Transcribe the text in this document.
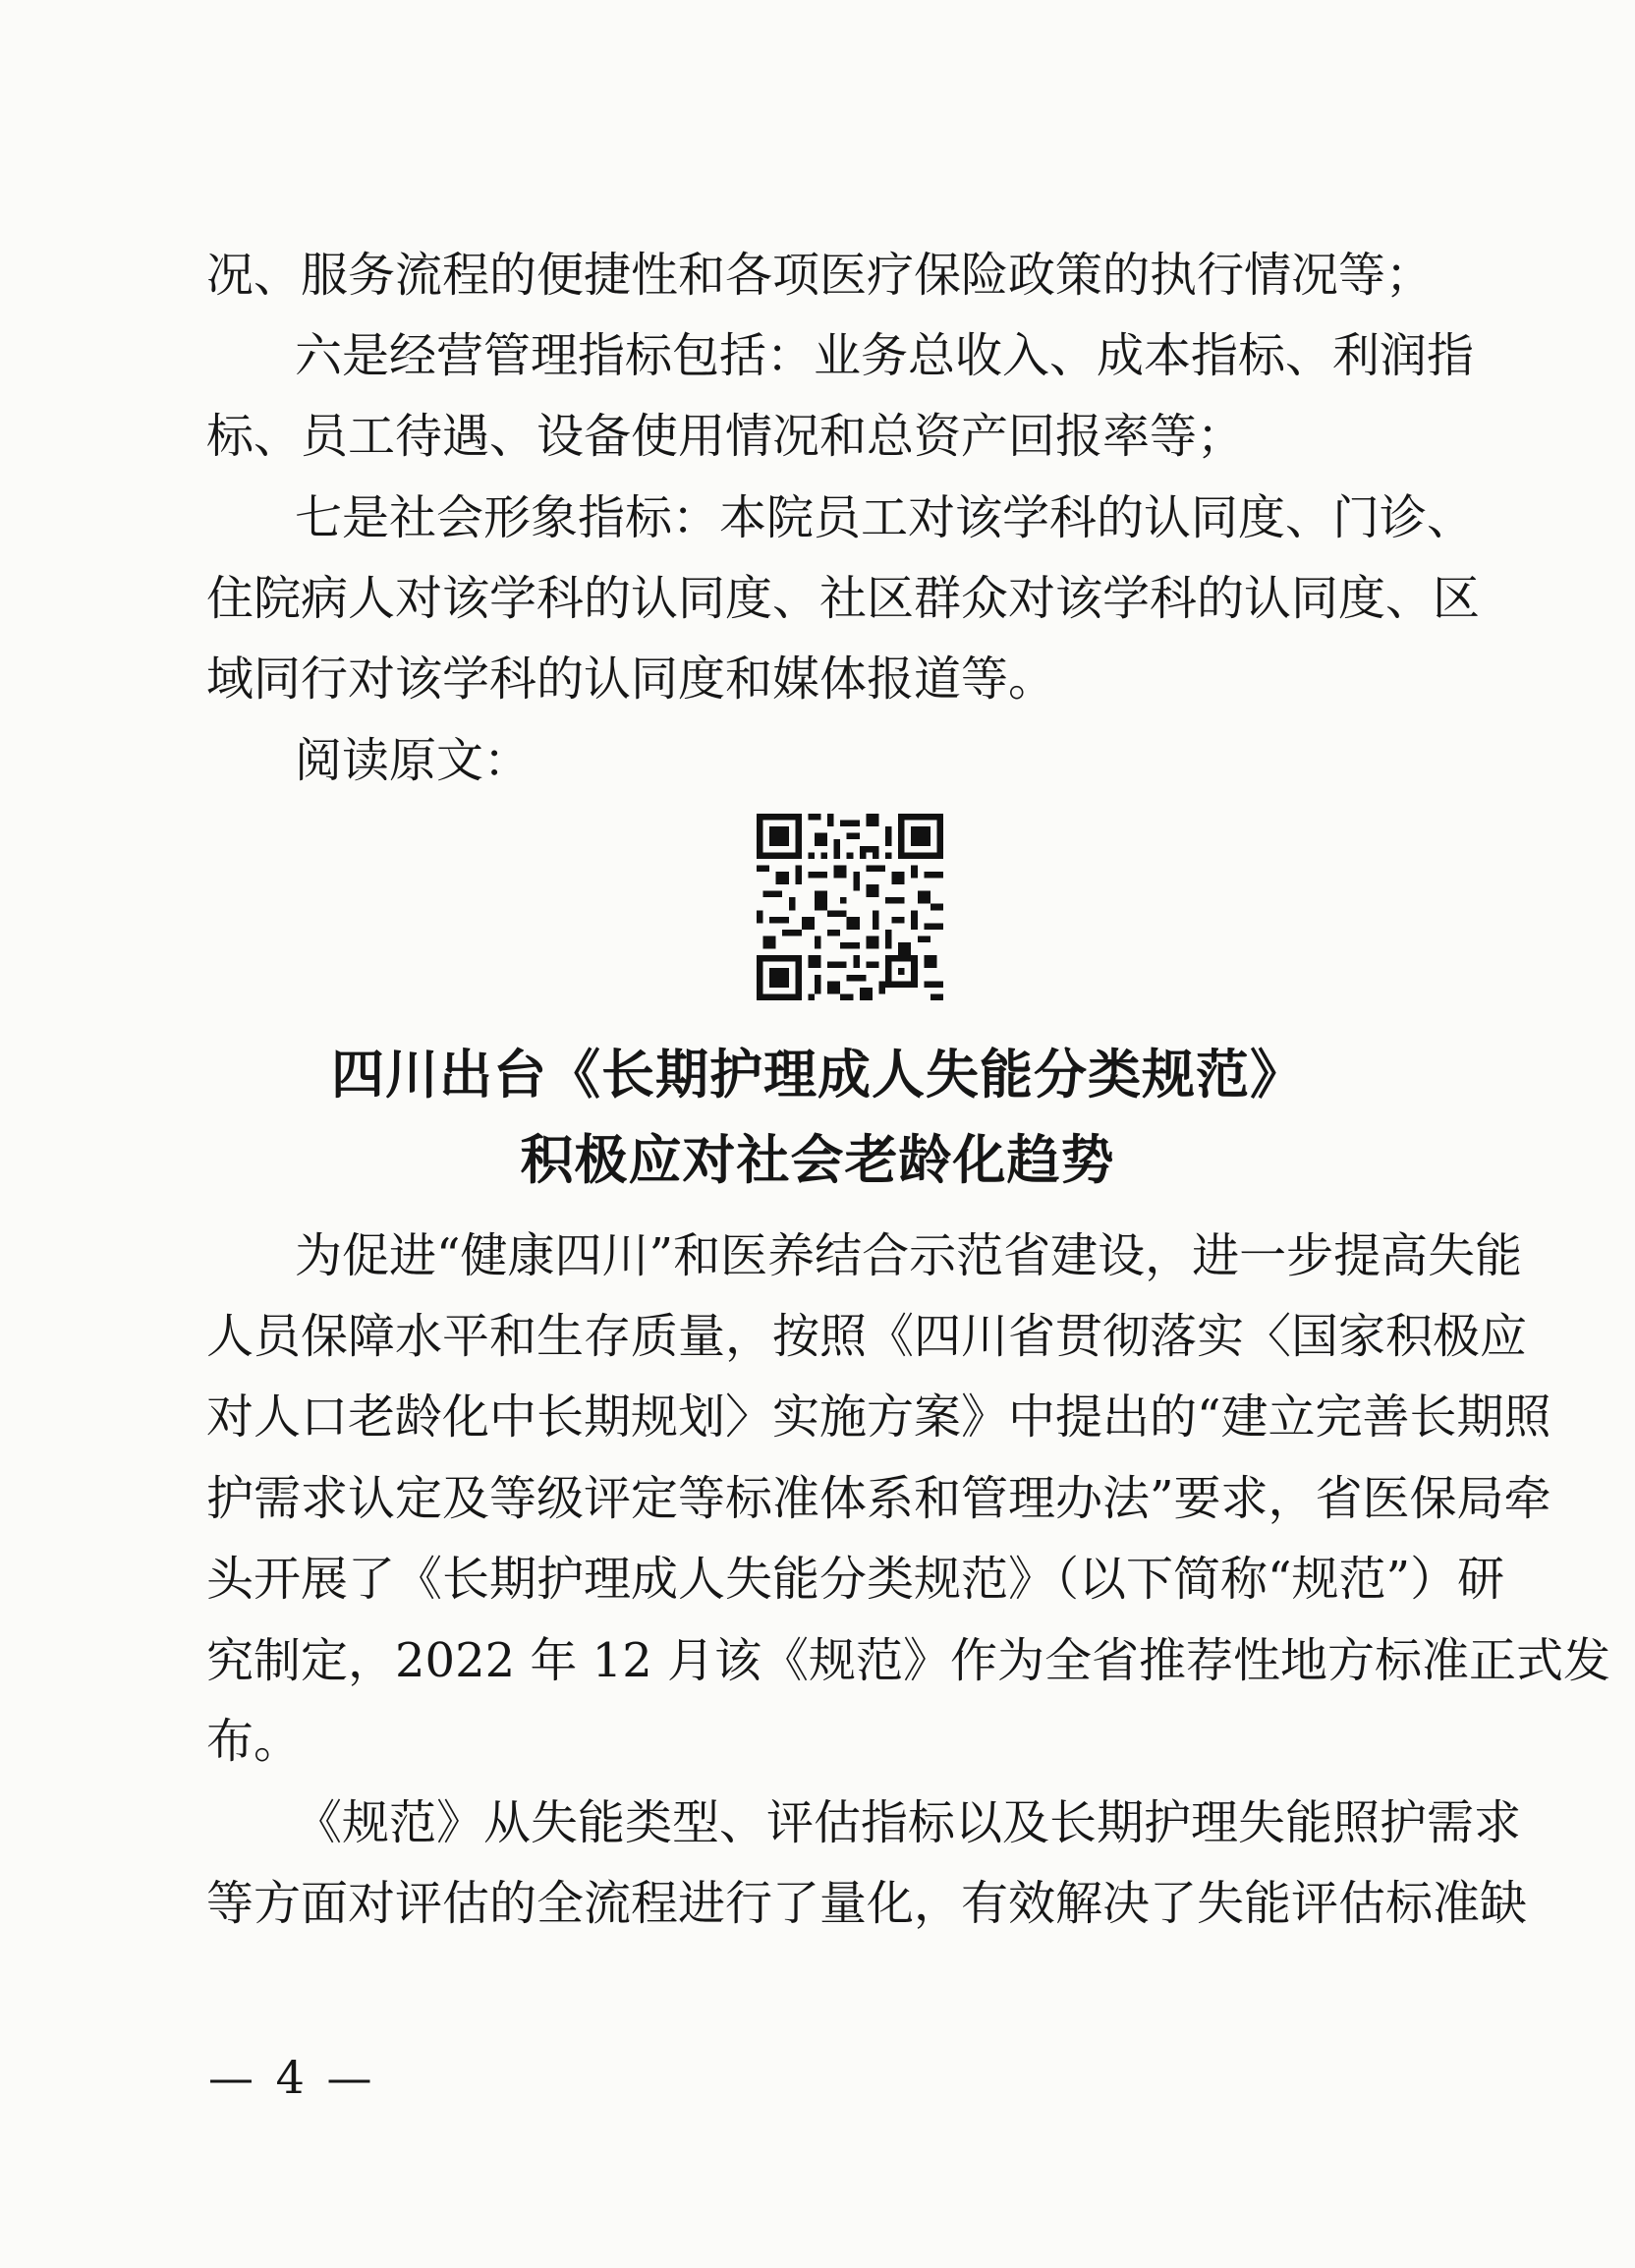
况、服务流程的便捷性和各项医疗保险政策的执行情况等；
六是经营管理指标包括：业务总收入、成本指标、利润指
标、员工待遇、设备使用情况和总资产回报率等；
七是社会形象指标：本院员工对该学科的认同度、门诊、
住院病人对该学科的认同度、社区群众对该学科的认同度、区
域同行对该学科的认同度和媒体报道等。
阅读原文：
四川出台《长期护理成人失能分类规范》
积极应对社会老龄化趋势
为促进“健康四川”和医养结合示范省建设，进一步提高失能
人员保障水平和生存质量，按照《四川省贯彻落实〈国家积极应
对人口老龄化中长期规划〉实施方案》中提出的“建立完善长期照
护需求认定及等级评定等标准体系和管理办法”要求，省医保局牵
头开展了《长期护理成人失能分类规范》（以下简称“规范”）研
究制定，2022 年 12 月该《规范》作为全省推荐性地方标准正式发
布。
《规范》从失能类型、评估指标以及长期护理失能照护需求
等方面对评估的全流程进行了量化，有效解决了失能评估标准缺
— 4 —
